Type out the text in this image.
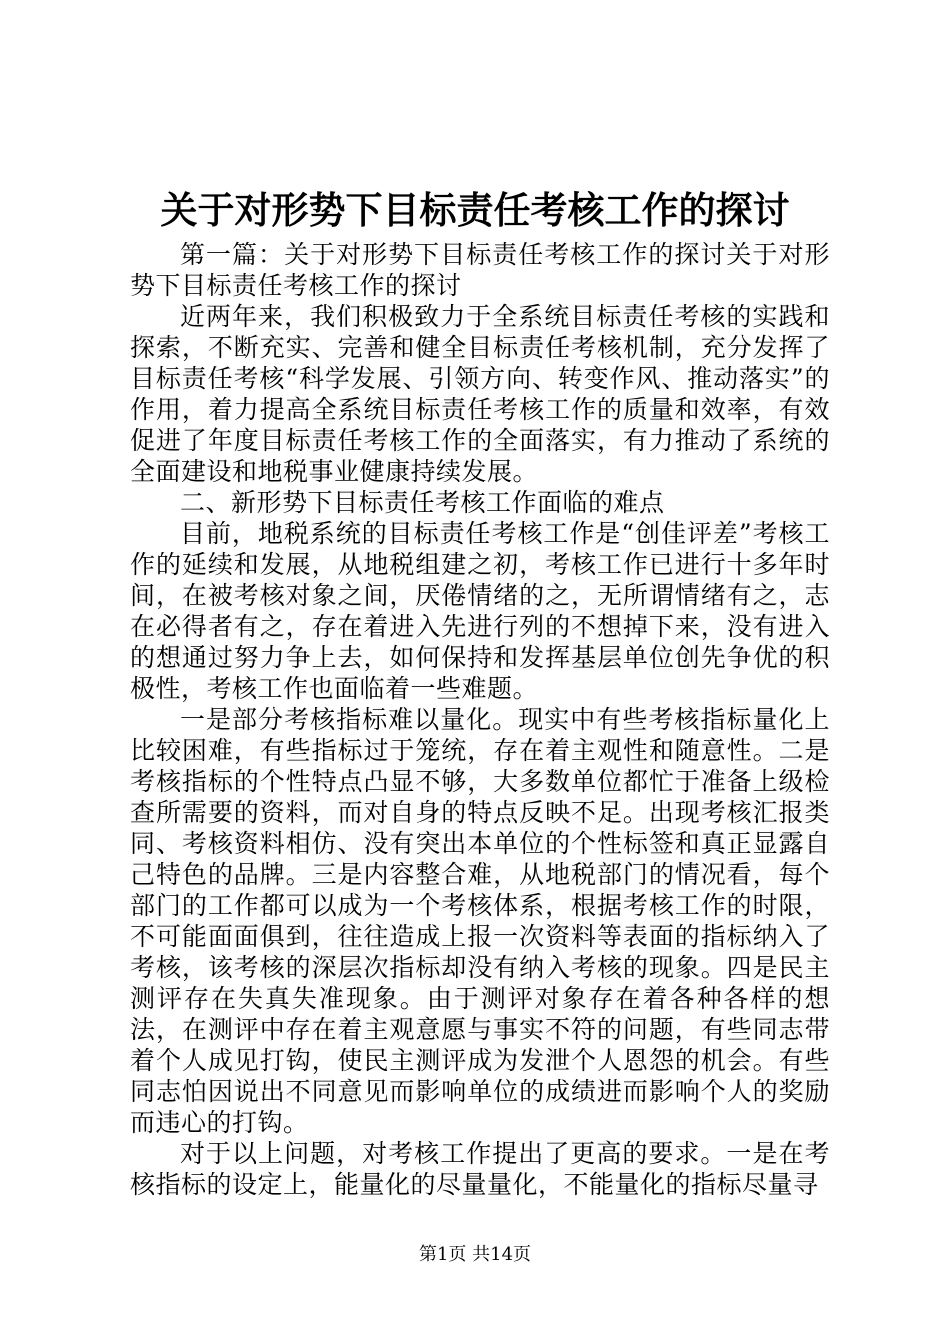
关于对形势下目标责任考核工作的探讨

第一篇：关于对形势下目标责任考核工作的探讨关于对形势下目标责任考核工作的探讨

近两年来，我们积极致力于全系统目标责任考核的实践和探索，不断充实、完善和健全目标责任考核机制，充分发挥了目标责任考核“科学发展、引领方向、转变作风、推动落实”的作用，着力提高全系统目标责任考核工作的质量和效率，有效促进了年度目标责任考核工作的全面落实，有力推动了系统的全面建设和地税事业健康持续发展。

二、新形势下目标责任考核工作面临的难点

目前，地税系统的目标责任考核工作是“创佳评差”考核工作的延续和发展，从地税组建之初，考核工作已进行十多年时间，在被考核对象之间，厌倦情绪的之，无所谓情绪有之，志在必得者有之，存在着进入先进行列的不想掉下来，没有进入的想通过努力争上去，如何保持和发挥基层单位创先争优的积极性，考核工作也面临着一些难题。

一是部分考核指标难以量化。现实中有些考核指标量化上比较困难，有些指标过于笼统，存在着主观性和随意性。二是考核指标的个性特点凸显不够，大多数单位都忙于准备上级检查所需要的资料，而对自身的特点反映不足。出现考核汇报类同、考核资料相仿、没有突出本单位的个性标签和真正显露自己特色的品牌。三是内容整合难，从地税部门的情况看，每个部门的工作都可以成为一个考核体系，根据考核工作的时限，不可能面面俱到，往往造成上报一次资料等表面的指标纳入了考核，该考核的深层次指标却没有纳入考核的现象。四是民主测评存在失真失准现象。由于测评对象存在着各种各样的想法，在测评中存在着主观意愿与事实不符的问题，有些同志带着个人成见打钩，使民主测评成为发泄个人恩怨的机会。有些同志怕因说出不同意见而影响单位的成绩进而影响个人的奖励而违心的打钩。

对于以上问题，对考核工作提出了更高的要求。一是在考核指标的设定上，能量化的尽量量化，不能量化的指标尽量寻

第1页 共14页
